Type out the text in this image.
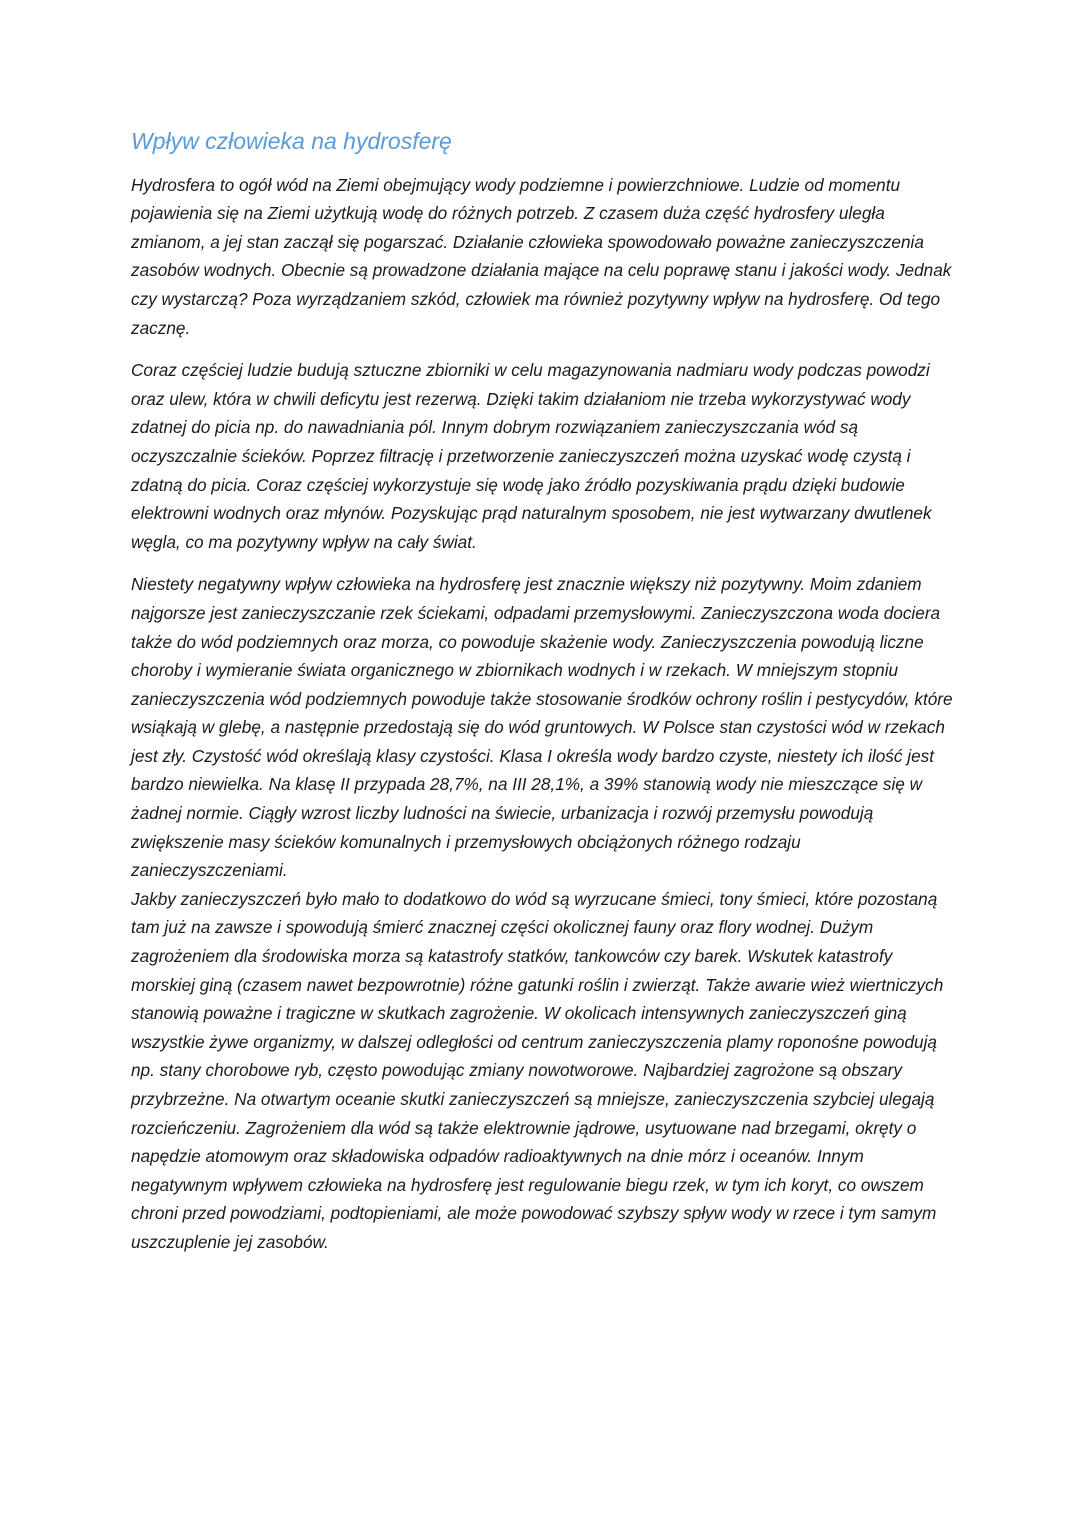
Wpływ człowieka na hydrosferę

Hydrosfera to ogół wód na Ziemi obejmujący wody podziemne i powierzchniowe. Ludzie od momentu pojawienia się na Ziemi użytkują wodę do różnych potrzeb. Z czasem duża część hydrosfery uległa zmianom, a jej stan zaczął się pogarszać. Działanie człowieka spowodowało poważne zanieczyszczenia zasobów wodnych. Obecnie są prowadzone działania mające na celu poprawę stanu i jakości wody. Jednak czy wystarczą? Poza wyrządzaniem szkód, człowiek ma również pozytywny wpływ na hydrosferę. Od tego zacznę.

Coraz częściej ludzie budują sztuczne zbiorniki w celu magazynowania nadmiaru wody podczas powodzi oraz ulew, która w chwili deficytu jest rezerwą. Dzięki takim działaniom nie trzeba wykorzystywać wody zdatnej do picia np. do nawadniania pól. Innym dobrym rozwiązaniem zanieczyszczania wód są oczyszczalnie ścieków. Poprzez filtrację i przetworzenie zanieczyszczeń można uzyskać wodę czystą i zdatną do picia. Coraz częściej wykorzystuje się wodę jako źródło pozyskiwania prądu dzięki budowie elektrowni wodnych oraz młynów. Pozyskując prąd naturalnym sposobem, nie jest wytwarzany dwutlenek węgla, co ma pozytywny wpływ na cały świat.

Niestety negatywny wpływ człowieka na hydrosferę jest znacznie większy niż pozytywny. Moim zdaniem najgorsze jest zanieczyszczanie rzek ściekami, odpadami przemysłowymi. Zanieczyszczona woda dociera także do wód podziemnych oraz morza, co powoduje skażenie wody. Zanieczyszczenia powodują liczne choroby i wymieranie świata organicznego w zbiornikach wodnych i w rzekach. W mniejszym stopniu zanieczyszczenia wód podziemnych powoduje także stosowanie środków ochrony roślin i pestycydów, które wsiąkają w glebę, a następnie przedostają się do wód gruntowych. W Polsce stan czystości wód w rzekach jest zły. Czystość wód określają klasy czystości. Klasa I określa wody bardzo czyste, niestety ich ilość jest bardzo niewielka. Na klasę II przypada 28,7%, na III 28,1%, a 39% stanowią wody nie mieszczące się w żadnej normie. Ciągły wzrost liczby ludności na świecie, urbanizacja i rozwój przemysłu powodują zwiększenie masy ścieków komunalnych i przemysłowych obciążonych różnego rodzaju zanieczyszczeniami.

Jakby zanieczyszczeń było mało to dodatkowo do wód są wyrzucane śmieci, tony śmieci, które pozostaną tam już na zawsze i spowodują śmierć znacznej części okolicznej fauny oraz flory wodnej. Dużym zagrożeniem dla środowiska morza są katastrofy statków, tankowców czy barek. Wskutek katastrofy morskiej giną (czasem nawet bezpowrotnie) różne gatunki roślin i zwierząt. Także awarie wież wiertniczych stanowią poważne i tragiczne w skutkach zagrożenie. W okolicach intensywnych zanieczyszczeń giną wszystkie żywe organizmy, w dalszej odległości od centrum zanieczyszczenia plamy roponośne powodują np. stany chorobowe ryb, często powodując zmiany nowotworowe. Najbardziej zagrożone są obszary przybrzeżne. Na otwartym oceanie skutki zanieczyszczeń są mniejsze, zanieczyszczenia szybciej ulegają rozcieńczeniu. Zagrożeniem dla wód są także elektrownie jądrowe, usytuowane nad brzegami, okręty o napędzie atomowym oraz składowiska odpadów radioaktywnych na dnie mórz i oceanów. Innym negatywnym wpływem człowieka na hydrosferę jest regulowanie biegu rzek, w tym ich koryt, co owszem chroni przed powodziami, podtopieniami, ale może powodować szybszy spływ wody w rzece i tym samym uszczuplenie jej zasobów.
